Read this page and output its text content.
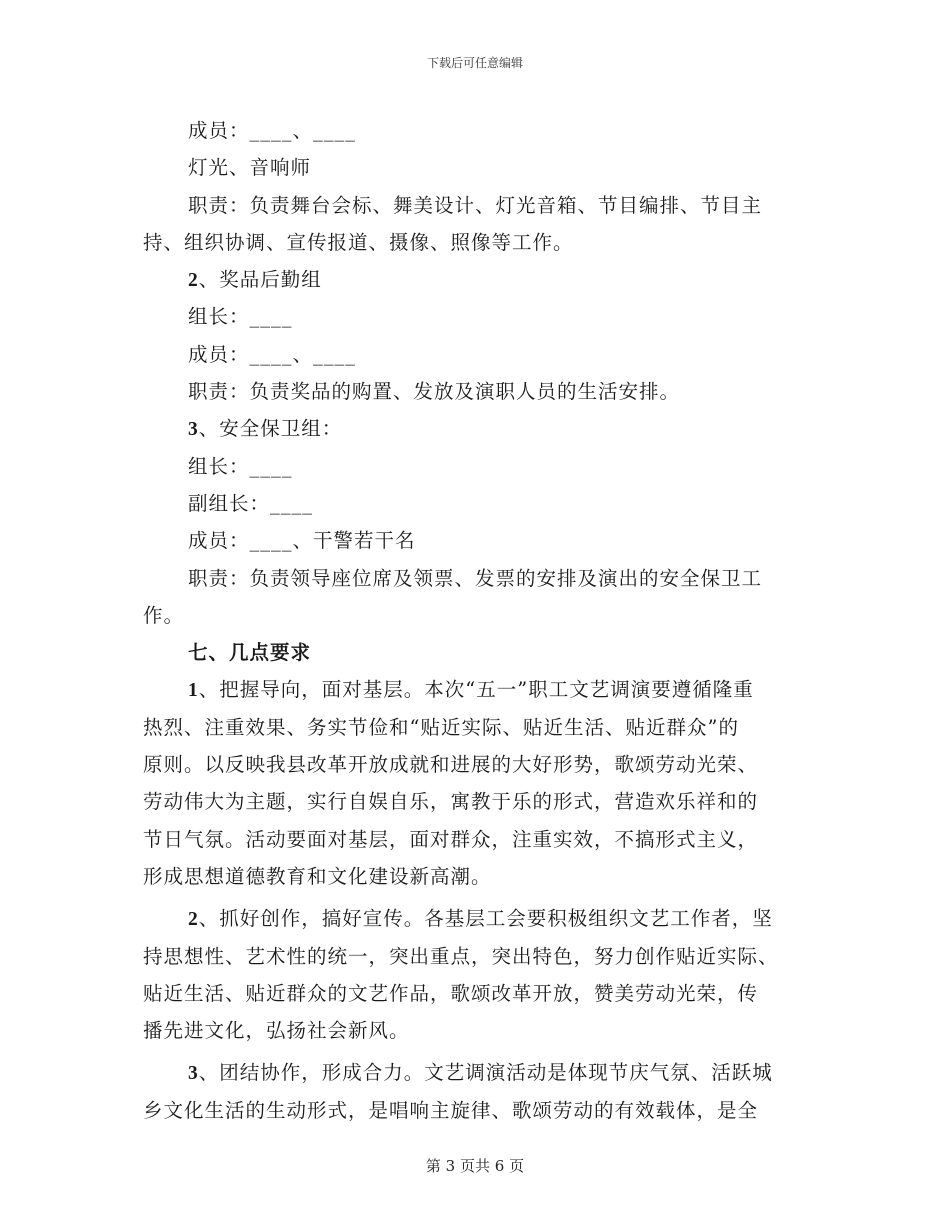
下载后可任意编辑
成员：____、____
灯光、音响师
职责：负责舞台会标、舞美设计、灯光音箱、节目编排、节目主
持、组织协调、宣传报道、摄像、照像等工作。
2、奖品后勤组
组长：____
成员：____、____
职责：负责奖品的购置、发放及演职人员的生活安排。
3、安全保卫组：
组长：____
副组长：____
成员：____、干警若干名
职责：负责领导座位席及领票、发票的安排及演出的安全保卫工
作。
七、几点要求
1、把握导向，面对基层。本次“五一”职工文艺调演要遵循隆重
热烈、注重效果、务实节俭和“贴近实际、贴近生活、贴近群众”的
原则。以反映我县改革开放成就和进展的大好形势，歌颂劳动光荣、
劳动伟大为主题，实行自娱自乐，寓教于乐的形式，营造欢乐祥和的
节日气氛。活动要面对基层，面对群众，注重实效，不搞形式主义，
形成思想道德教育和文化建设新高潮。
2、抓好创作，搞好宣传。各基层工会要积极组织文艺工作者，坚
持思想性、艺术性的统一，突出重点，突出特色，努力创作贴近实际、
贴近生活、贴近群众的文艺作品，歌颂改革开放，赞美劳动光荣，传
播先进文化，弘扬社会新风。
3、团结协作，形成合力。文艺调演活动是体现节庆气氛、活跃城
乡文化生活的生动形式，是唱响主旋律、歌颂劳动的有效载体，是全
第 3 页共 6 页
